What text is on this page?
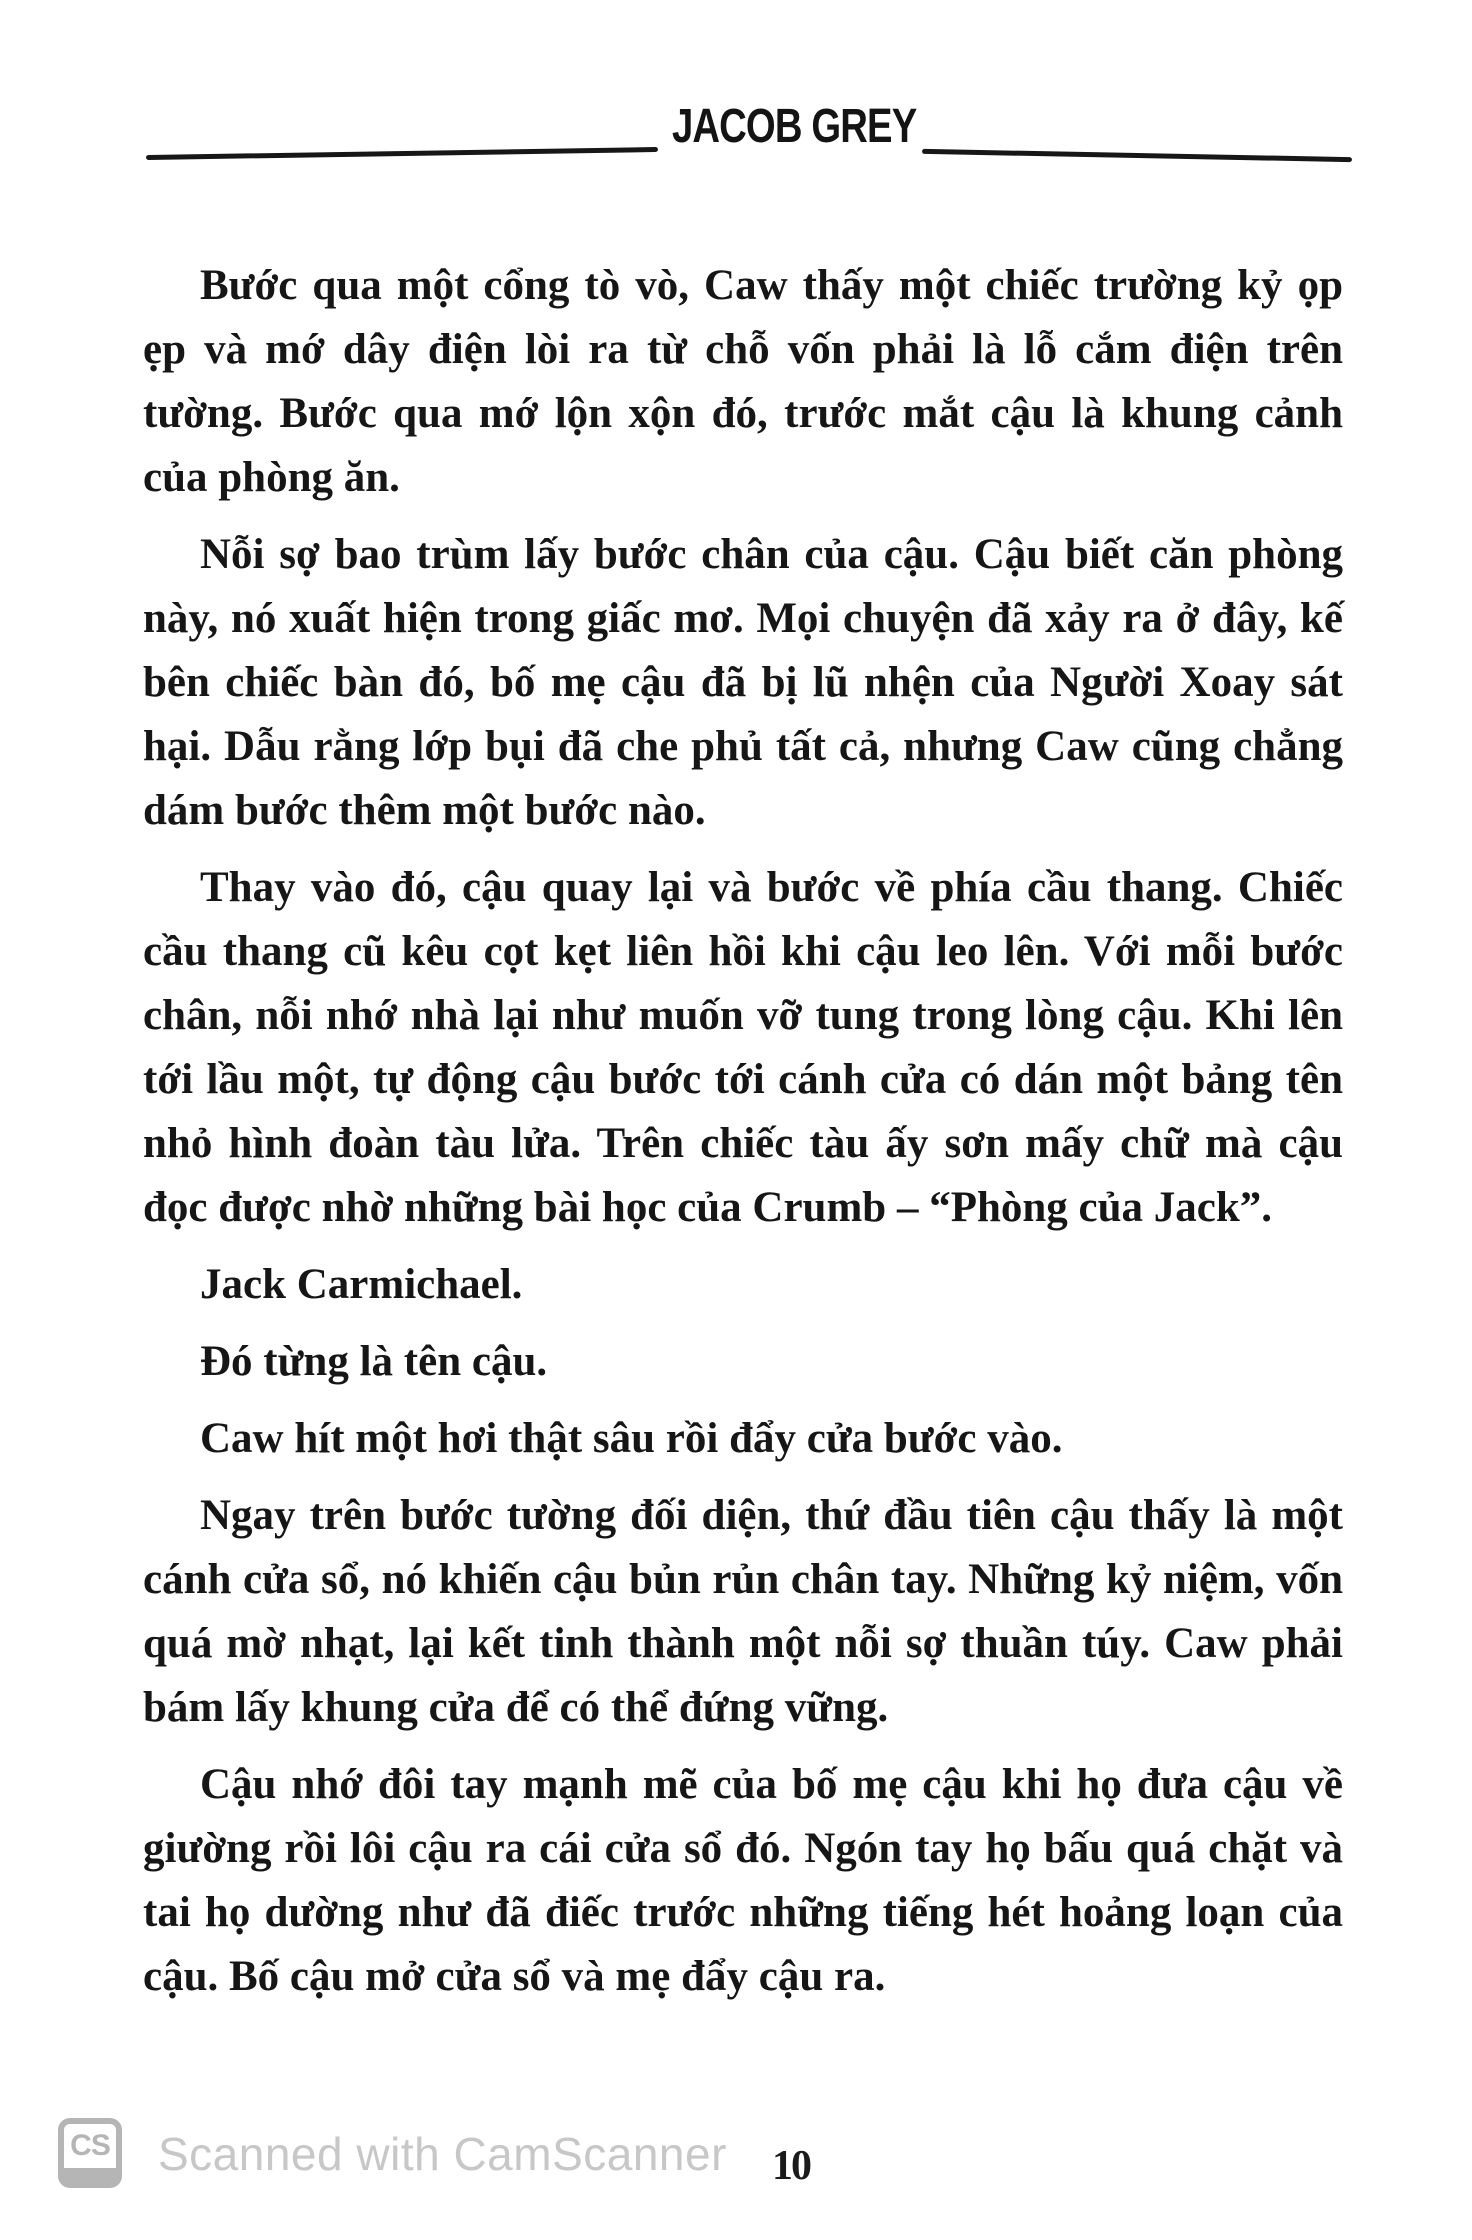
JACOB GREY

Bước qua một cổng tò vò, Caw thấy một chiếc trường kỷ ọp ẹp và mớ dây điện lòi ra từ chỗ vốn phải là lỗ cắm điện trên tường. Bước qua mớ lộn xộn đó, trước mắt cậu là khung cảnh của phòng ăn.

Nỗi sợ bao trùm lấy bước chân của cậu. Cậu biết căn phòng này, nó xuất hiện trong giấc mơ. Mọi chuyện đã xảy ra ở đây, kế bên chiếc bàn đó, bố mẹ cậu đã bị lũ nhện của Người Xoay sát hại. Dẫu rằng lớp bụi đã che phủ tất cả, nhưng Caw cũng chẳng dám bước thêm một bước nào.

Thay vào đó, cậu quay lại và bước về phía cầu thang. Chiếc cầu thang cũ kêu cọt kẹt liên hồi khi cậu leo lên. Với mỗi bước chân, nỗi nhớ nhà lại như muốn vỡ tung trong lòng cậu. Khi lên tới lầu một, tự động cậu bước tới cánh cửa có dán một bảng tên nhỏ hình đoàn tàu lửa. Trên chiếc tàu ấy sơn mấy chữ mà cậu đọc được nhờ những bài học của Crumb – “Phòng của Jack”.

Jack Carmichael.

Đó từng là tên cậu.

Caw hít một hơi thật sâu rồi đẩy cửa bước vào.

Ngay trên bước tường đối diện, thứ đầu tiên cậu thấy là một cánh cửa sổ, nó khiến cậu bủn rủn chân tay. Những kỷ niệm, vốn quá mờ nhạt, lại kết tinh thành một nỗi sợ thuần túy. Caw phải bám lấy khung cửa để có thể đứng vững.

Cậu nhớ đôi tay mạnh mẽ của bố mẹ cậu khi họ đưa cậu về giường rồi lôi cậu ra cái cửa sổ đó. Ngón tay họ bấu quá chặt và tai họ dường như đã điếc trước những tiếng hét hoảng loạn của cậu. Bố cậu mở cửa sổ và mẹ đẩy cậu ra.

CS Scanned with CamScanner 10
